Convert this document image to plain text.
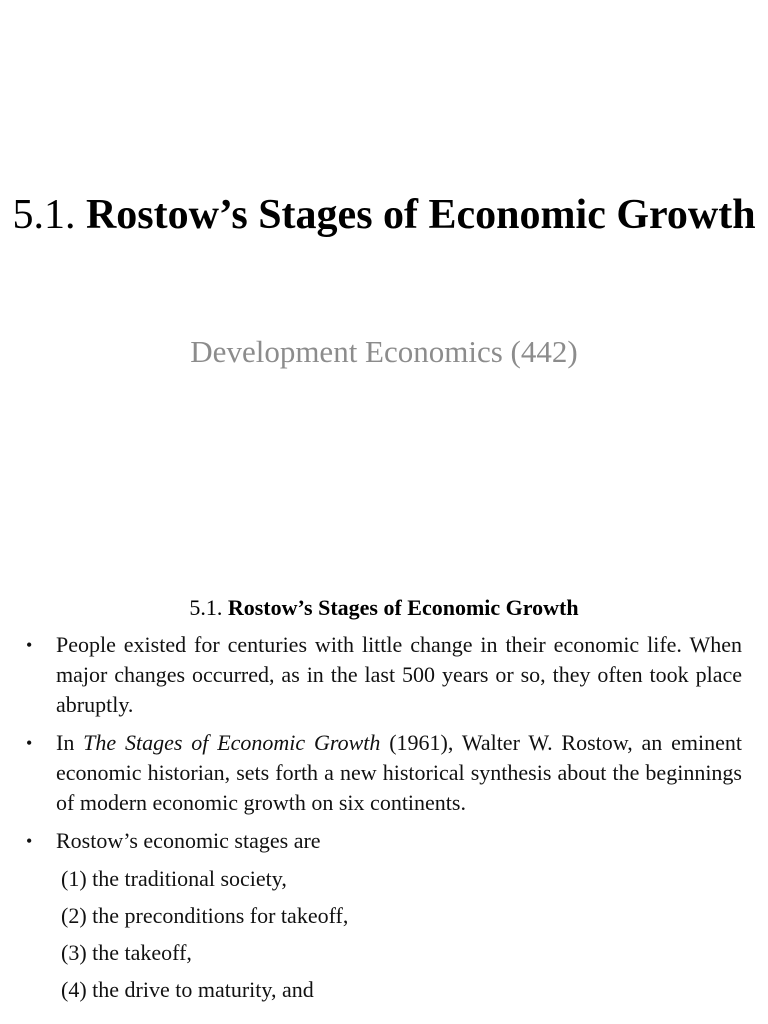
5.1. Rostow’s Stages of Economic Growth
Development Economics (442)
5.1. Rostow’s Stages of Economic Growth
• People existed for centuries with little change in their economic life. When major changes occurred, as in the last 500 years or so, they often took place abruptly.
• In The Stages of Economic Growth (1961), Walter W. Rostow, an eminent economic historian, sets forth a new historical synthesis about the beginnings of modern economic growth on six continents.
• Rostow’s economic stages are
(1) the traditional society,
(2) the preconditions for takeoff,
(3) the takeoff,
(4) the drive to maturity, and
